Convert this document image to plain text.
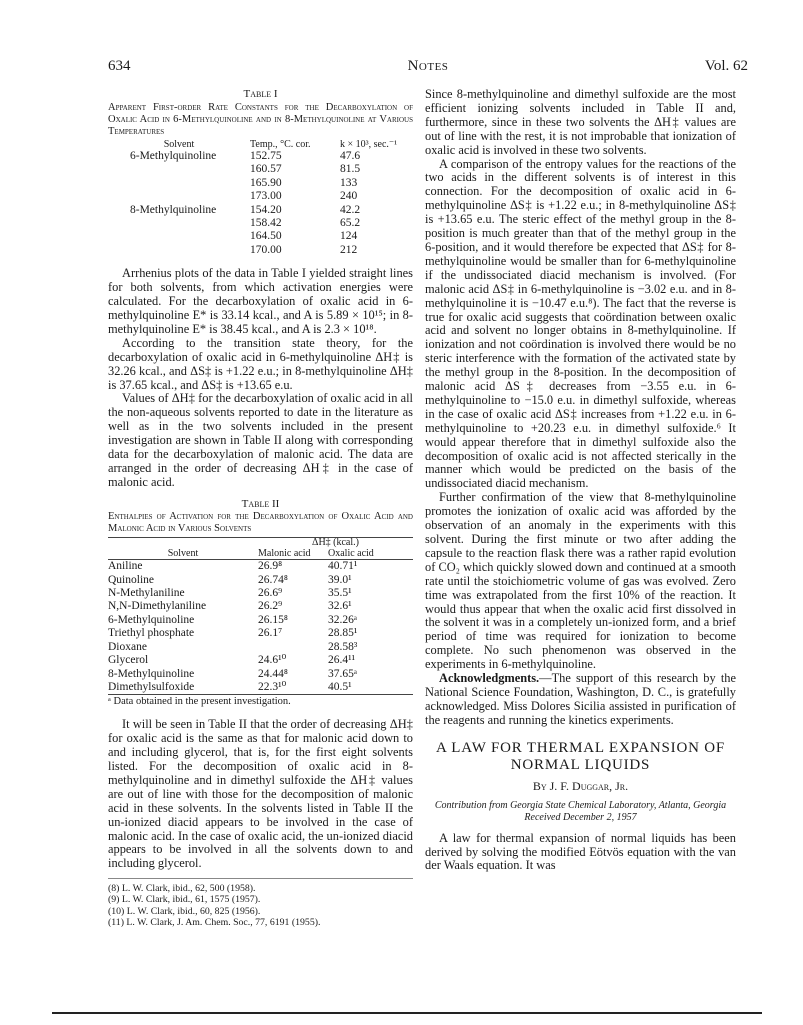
634	Notes	Vol. 62
Table I
Apparent First-order Rate Constants for the Decarboxylation of Oxalic Acid in 6-Methylquinoline and in 8-Methylquinoline at Various Temperatures
Solvent	Temp., °C. cor.	k × 10³, sec.⁻¹
6-Methylquinoline	152.75	47.6
	160.57	81.5
	165.90	133
	173.00	240
8-Methylquinoline	154.20	42.2
	158.42	65.2
	164.50	124
	170.00	212

Arrhenius plots of the data in Table I yielded straight lines for both solvents, from which activation energies were calculated. For the decarboxylation of oxalic acid in 6-methylquinoline E* is 33.14 kcal., and A is 5.89 × 10¹⁵; in 8-methylquinoline E* is 38.45 kcal., and A is 2.3 × 10¹⁸.

According to the transition state theory, for the decarboxylation of oxalic acid in 6-methylquinoline ΔH‡ is 32.26 kcal., and ΔS‡ is +1.22 e.u.; in 8-methylquinoline ΔH‡ is 37.65 kcal., and ΔS‡ is +13.65 e.u.

Values of ΔH‡ for the decarboxylation of oxalic acid in all the non-aqueous solvents reported to date in the literature as well as in the two solvents included in the present investigation are shown in Table II along with corresponding data for the decarboxylation of malonic acid. The data are arranged in the order of decreasing ΔH‡ in the case of malonic acid.

Table II
Enthalpies of Activation for the Decarboxylation of Oxalic Acid and Malonic Acid in Various Solvents
	ΔH‡ (kcal.)	
Solvent	Malonic acid	Oxalic acid
Aniline	26.9⁸	40.71¹
Quinoline	26.74⁸	39.0¹
N-Methylaniline	26.6⁹	35.5¹
N,N-Dimethylaniline	26.2⁹	32.6¹
6-Methylquinoline	26.15⁸	32.26ᵃ
Triethyl phosphate	26.1⁷	28.85¹
Dioxane		28.58³
Glycerol	24.6¹⁰	26.4¹¹
8-Methylquinoline	24.44⁸	37.65ᵃ
Dimethylsulfoxide	22.3¹⁰	40.5¹
ᵃ Data obtained in the present investigation.

It will be seen in Table II that the order of decreasing ΔH‡ for oxalic acid is the same as that for malonic acid down to and including glycerol, that is, for the first eight solvents listed. For the decomposition of oxalic acid in 8-methylquinoline and in dimethyl sulfoxide the ΔH‡ values are out of line with those for the decomposition of malonic acid in these solvents. In the solvents listed in Table II the un-ionized diacid appears to be involved in the case of malonic acid. In the case of oxalic acid, the un-ionized diacid appears to be involved in all the solvents down to and including glycerol.

(8) L. W. Clark, ibid., 62, 500 (1958).
(9) L. W. Clark, ibid., 61, 1575 (1957).
(10) L. W. Clark, ibid., 60, 825 (1956).
(11) L. W. Clark, J. Am. Chem. Soc., 77, 6191 (1955).

Since 8-methylquinoline and dimethyl sulfoxide are the most efficient ionizing solvents included in Table II and, furthermore, since in these two solvents the ΔH‡ values are out of line with the rest, it is not improbable that ionization of oxalic acid is involved in these two solvents.

A comparison of the entropy values for the reactions of the two acids in the different solvents is of interest in this connection. For the decomposition of oxalic acid in 6-methylquinoline ΔS‡ is +1.22 e.u.; in 8-methylquinoline ΔS‡ is +13.65 e.u. The steric effect of the methyl group in the 8-position is much greater than that of the methyl group in the 6-position, and it would therefore be expected that ΔS‡ for 8-methylquinoline would be smaller than for 6-methylquinoline if the undissociated diacid mechanism is involved. (For malonic acid ΔS‡ in 6-methylquinoline is −3.02 e.u. and in 8-methylquinoline it is −10.47 e.u.⁸). The fact that the reverse is true for oxalic acid suggests that coördination between oxalic acid and solvent no longer obtains in 8-methylquinoline. If ionization and not coördination is involved there would be no steric interference with the formation of the activated state by the methyl group in the 8-position. In the decomposition of malonic acid ΔS‡ decreases from −3.55 e.u. in 6-methylquinoline to −15.0 e.u. in dimethyl sulfoxide, whereas in the case of oxalic acid ΔS‡ increases from +1.22 e.u. in 6-methylquinoline to +20.23 e.u. in dimethyl sulfoxide.⁶ It would appear therefore that in dimethyl sulfoxide also the decomposition of oxalic acid is not affected sterically in the manner which would be predicted on the basis of the undissociated diacid mechanism.

Further confirmation of the view that 8-methylquinoline promotes the ionization of oxalic acid was afforded by the observation of an anomaly in the experiments with this solvent. During the first minute or two after adding the capsule to the reaction flask there was a rather rapid evolution of CO₂ which quickly slowed down and continued at a smooth rate until the stoichiometric volume of gas was evolved. Zero time was extrapolated from the first 10% of the reaction. It would thus appear that when the oxalic acid first dissolved in the solvent it was in a completely un-ionized form, and a brief period of time was required for ionization to become complete. No such phenomenon was observed in the experiments in 6-methylquinoline.

Acknowledgments.—The support of this research by the National Science Foundation, Washington, D. C., is gratefully acknowledged. Miss Dolores Sicilia assisted in purification of the reagents and running the kinetics experiments.

A LAW FOR THERMAL EXPANSION OF NORMAL LIQUIDS
By J. F. Duggar, Jr.
Contribution from Georgia State Chemical Laboratory, Atlanta, Georgia
Received December 2, 1957

A law for thermal expansion of normal liquids has been derived by solving the modified Eötvös equation with the van der Waals equation. It was
